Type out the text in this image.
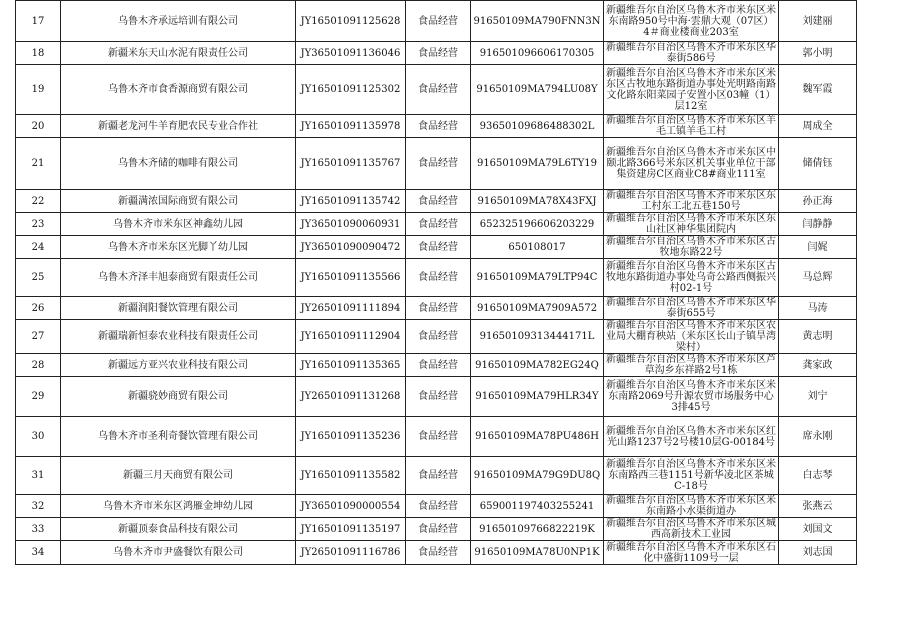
17	乌鲁木齐承远培训有限公司	JY16501091125628	食品经营	91650109MA790FNN3N	新疆维吾尔自治区乌鲁木齐市米东区米东南路950号中海·雲鼎大观（07区）4＃商业楼商业203室	刘建丽
18	新疆米东天山水泥有限责任公司	JY36501091136046	食品经营	916501096606170305	新疆维吾尔自治区乌鲁木齐市米东区华泰街586号	郭小明
19	乌鲁木齐市食香源商贸有限公司	JY16501091125302	食品经营	91650109MA794LU08Y	新疆维吾尔自治区乌鲁木齐市米东区米东区古牧地东路街道办事处光明路南路文化路东阳菜园子安置小区03幢（1）层12室	魏军霞
20	新疆老龙河牛羊育肥农民专业合作社	JY16501091135978	食品经营	93650109686488302L	新疆维吾尔自治区乌鲁木齐市米东区羊毛工镇羊毛工村	周成全
21	乌鲁木齐储的咖啡有限公司	JY16501091135767	食品经营	91650109MA79L6TY19	新疆维吾尔自治区乌鲁木齐市米东区中颐北路366号米东区机关事业单位干部集资建房C区商业C8#商业111室	储倩钰
22	新疆满浓国际商贸有限公司	JY16501091135742	食品经营	91650109MA78X43FXJ	新疆维吾尔自治区乌鲁木齐市米东区东工村东工北五巷150号	孙正海
23	乌鲁木齐市米东区神鑫幼儿园	JY36501090060931	食品经营	652325196606203229	新疆维吾尔自治区乌鲁木齐市米东区东山社区神华集团院内	闫静静
24	乌鲁木齐市米东区光脚丫幼儿园	JY36501090090472	食品经营	650108017	新疆维吾尔自治区乌鲁木齐市米东区古牧地东路22号	闫娓
25	乌鲁木齐泽丰旭泰商贸有限责任公司	JY16501091135566	食品经营	91650109MA79LTP94C	新疆维吾尔自治区乌鲁木齐市米东区古牧地东路街道办事处乌奇公路西侧振兴村02-1号	马总辉
26	新疆润阳餐饮管理有限公司	JY26501091111894	食品经营	91650109MA7909A572	新疆维吾尔自治区乌鲁木齐市米东区华泰街655号	马涛
27	新疆瑞新恒泰农业科技有限责任公司	JY16501091112904	食品经营	91650109313444171L	新疆维吾尔自治区乌鲁木齐市米东区农业局大棚育秧站（米东区长山子镇旱湾梁村）	黄志明
28	新疆远方亚兴农业科技有限公司	JY16501091135365	食品经营	91650109MA782EG24Q	新疆维吾尔自治区乌鲁木齐市米东区芦草沟乡东祥路2号1栋	龚家政
29	新疆骁妙商贸有限公司	JY26501091131268	食品经营	91650109MA79HLR34Y	新疆维吾尔自治区乌鲁木齐市米东区米东南路2069号升源农贸市场服务中心3排45号	刘宁
30	乌鲁木齐市圣利奇餐饮管理有限公司	JY16501091135236	食品经营	91650109MA78PU486H	新疆维吾尔自治区乌鲁木齐市米东区红光山路1237号2号楼10层G-00184号	席永刚
31	新疆三月天商贸有限公司	JY16501091135582	食品经营	91650109MA79G9DU8Q	新疆维吾尔自治区乌鲁木齐市米东区米东南路西三巷1151号新华凌北区茶城C-18号	白志琴
32	乌鲁木齐市米东区鸿雁金坤幼儿园	JY36501090000554	食品经营	659001197403255241	新疆维吾尔自治区乌鲁木齐市米东区米东南路小水渠街道办	张燕云
33	新疆顶泰食品科技有限公司	JY16501091135197	食品经营	91650109766822219K	新疆维吾尔自治区乌鲁木齐市米东区城西高新技术工业园	刘国文
34	乌鲁木齐市尹盛餐饮有限公司	JY26501091116786	食品经营	91650109MA78U0NP1K	新疆维吾尔自治区乌鲁木齐市米东区石化中盛街1109号一层	刘志国
